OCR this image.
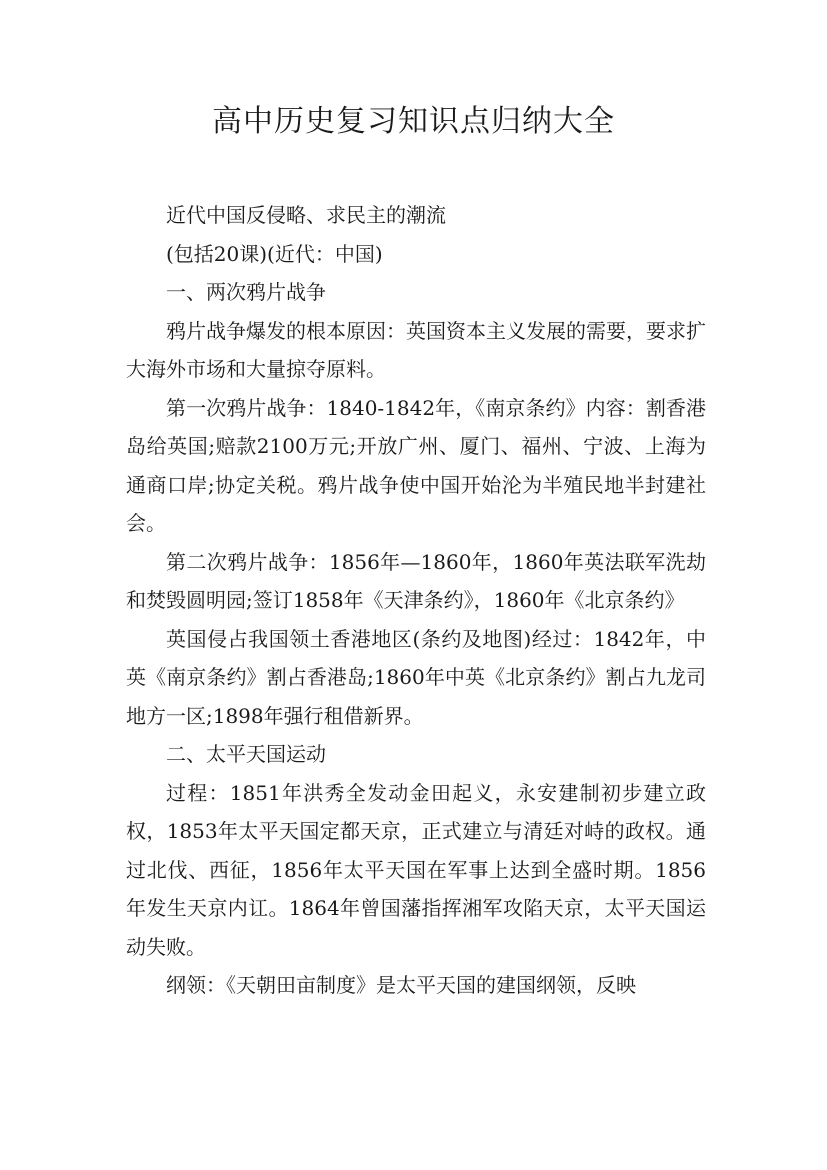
高中历史复习知识点归纳大全

近代中国反侵略、求民主的潮流

(包括20课)(近代：中国)

一、两次鸦片战争

鸦片战争爆发的根本原因：英国资本主义发展的需要，要求扩大海外市场和大量掠夺原料。

第一次鸦片战争：1840-1842年，《南京条约》内容：割香港岛给英国;赔款2100万元;开放广州、厦门、福州、宁波、上海为通商口岸;协定关税。鸦片战争使中国开始沦为半殖民地半封建社会。

第二次鸦片战争：1856年—1860年，1860年英法联军洗劫和焚毁圆明园;签订1858年《天津条约》，1860年《北京条约》

英国侵占我国领土香港地区(条约及地图)经过：1842年，中英《南京条约》割占香港岛;1860年中英《北京条约》割占九龙司地方一区;1898年强行租借新界。

二、太平天国运动

过程：1851年洪秀全发动金田起义，永安建制初步建立政权，1853年太平天国定都天京，正式建立与清廷对峙的政权。通过北伐、西征，1856年太平天国在军事上达到全盛时期。1856年发生天京内讧。1864年曾国藩指挥湘军攻陷天京，太平天国运动失败。

纲领：《天朝田亩制度》是太平天国的建国纲领，反映
